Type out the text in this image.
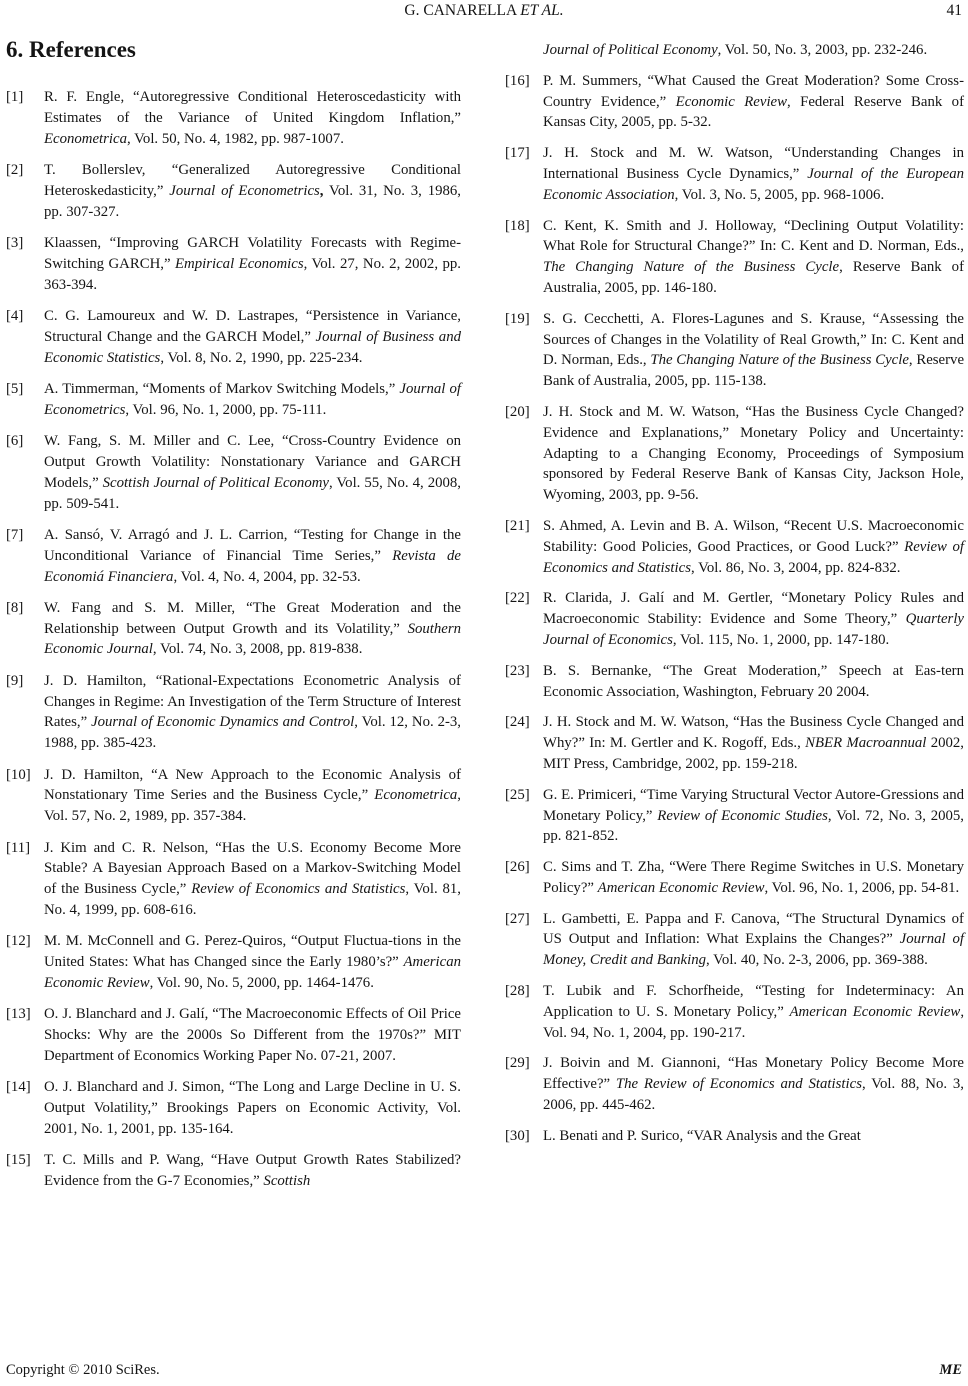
G. CANARELLA ET AL.	41
6. References
[1] R. F. Engle, “Autoregressive Conditional Heteroscedasticity with Estimates of the Variance of United Kingdom Inflation,” Econometrica, Vol. 50, No. 4, 1982, pp. 987-1007.
[2] T. Bollerslev, “Generalized Autoregressive Conditional Heteroskedasticity,” Journal of Econometrics, Vol. 31, No. 3, 1986, pp. 307-327.
[3] Klaassen, “Improving GARCH Volatility Forecasts with Regime-Switching GARCH,” Empirical Economics, Vol. 27, No. 2, 2002, pp. 363-394.
[4] C. G. Lamoureux and W. D. Lastrapes, “Persistence in Variance, Structural Change and the GARCH Model,” Journal of Business and Economic Statistics, Vol. 8, No. 2, 1990, pp. 225-234.
[5] A. Timmerman, “Moments of Markov Switching Models,” Journal of Econometrics, Vol. 96, No. 1, 2000, pp. 75-111.
[6] W. Fang, S. M. Miller and C. Lee, “Cross-Country Evidence on Output Growth Volatility: Nonstationary Variance and GARCH Models,” Scottish Journal of Political Economy, Vol. 55, No. 4, 2008, pp. 509-541.
[7] A. Sansó, V. Arragó and J. L. Carrion, “Testing for Change in the Unconditional Variance of Financial Time Series,” Revista de Economiá Financiera, Vol. 4, No. 4, 2004, pp. 32-53.
[8] W. Fang and S. M. Miller, “The Great Moderation and the Relationship between Output Growth and its Volatility,” Southern Economic Journal, Vol. 74, No. 3, 2008, pp. 819-838.
[9] J. D. Hamilton, “Rational-Expectations Econometric Analysis of Changes in Regime: An Investigation of the Term Structure of Interest Rates,” Journal of Economic Dynamics and Control, Vol. 12, No. 2-3, 1988, pp. 385-423.
[10] J. D. Hamilton, “A New Approach to the Economic Analysis of Nonstationary Time Series and the Business Cycle,” Econometrica, Vol. 57, No. 2, 1989, pp. 357-384.
[11] J. Kim and C. R. Nelson, “Has the U.S. Economy Become More Stable? A Bayesian Approach Based on a Markov-Switching Model of the Business Cycle,” Review of Economics and Statistics, Vol. 81, No. 4, 1999, pp. 608-616.
[12] M. M. McConnell and G. Perez-Quiros, “Output Fluctua-tions in the United States: What has Changed since the Early 1980’s?” American Economic Review, Vol. 90, No. 5, 2000, pp. 1464-1476.
[13] O. J. Blanchard and J. Galí, “The Macroeconomic Effects of Oil Price Shocks: Why are the 2000s So Different from the 1970s?” MIT Department of Economics Working Paper No. 07-21, 2007.
[14] O. J. Blanchard and J. Simon, “The Long and Large Decline in U. S. Output Volatility,” Brookings Papers on Economic Activity, Vol. 2001, No. 1, 2001, pp. 135-164.
[15] T. C. Mills and P. Wang, “Have Output Growth Rates Stabilized? Evidence from the G-7 Economies,” Scottish
Journal of Political Economy, Vol. 50, No. 3, 2003, pp. 232-246.
[16] P. M. Summers, “What Caused the Great Moderation? Some Cross-Country Evidence,” Economic Review, Federal Reserve Bank of Kansas City, 2005, pp. 5-32.
[17] J. H. Stock and M. W. Watson, “Understanding Changes in International Business Cycle Dynamics,” Journal of the European Economic Association, Vol. 3, No. 5, 2005, pp. 968-1006.
[18] C. Kent, K. Smith and J. Holloway, “Declining Output Volatility: What Role for Structural Change?” In: C. Kent and D. Norman, Eds., The Changing Nature of the Business Cycle, Reserve Bank of Australia, 2005, pp. 146-180.
[19] S. G. Cecchetti, A. Flores-Lagunes and S. Krause, “Assessing the Sources of Changes in the Volatility of Real Growth,” In: C. Kent and D. Norman, Eds., The Changing Nature of the Business Cycle, Reserve Bank of Australia, 2005, pp. 115-138.
[20] J. H. Stock and M. W. Watson, “Has the Business Cycle Changed? Evidence and Explanations,” Monetary Policy and Uncertainty: Adapting to a Changing Economy, Proceedings of Symposium sponsored by Federal Reserve Bank of Kansas City, Jackson Hole, Wyoming, 2003, pp. 9-56.
[21] S. Ahmed, A. Levin and B. A. Wilson, “Recent U.S. Macroeconomic Stability: Good Policies, Good Practices, or Good Luck?” Review of Economics and Statistics, Vol. 86, No. 3, 2004, pp. 824-832.
[22] R. Clarida, J. Galí and M. Gertler, “Monetary Policy Rules and Macroeconomic Stability: Evidence and Some Theory,” Quarterly Journal of Economics, Vol. 115, No. 1, 2000, pp. 147-180.
[23] B. S. Bernanke, “The Great Moderation,” Speech at Eas-tern Economic Association, Washington, February 20 2004.
[24] J. H. Stock and M. W. Watson, “Has the Business Cycle Changed and Why?” In: M. Gertler and K. Rogoff, Eds., NBER Macroannual 2002, MIT Press, Cambridge, 2002, pp. 159-218.
[25] G. E. Primiceri, “Time Varying Structural Vector Autore-Gressions and Monetary Policy,” Review of Economic Studies, Vol. 72, No. 3, 2005, pp. 821-852.
[26] C. Sims and T. Zha, “Were There Regime Switches in U.S. Monetary Policy?” American Economic Review, Vol. 96, No. 1, 2006, pp. 54-81.
[27] L. Gambetti, E. Pappa and F. Canova, “The Structural Dynamics of US Output and Inflation: What Explains the Changes?” Journal of Money, Credit and Banking, Vol. 40, No. 2-3, 2006, pp. 369-388.
[28] T. Lubik and F. Schorfheide, “Testing for Indeterminacy: An Application to U. S. Monetary Policy,” American Economic Review, Vol. 94, No. 1, 2004, pp. 190-217.
[29] J. Boivin and M. Giannoni, “Has Monetary Policy Become More Effective?” The Review of Economics and Statistics, Vol. 88, No. 3, 2006, pp. 445-462.
[30] L. Benati and P. Surico, “VAR Analysis and the Great
Copyright © 2010 SciRes.	ME
